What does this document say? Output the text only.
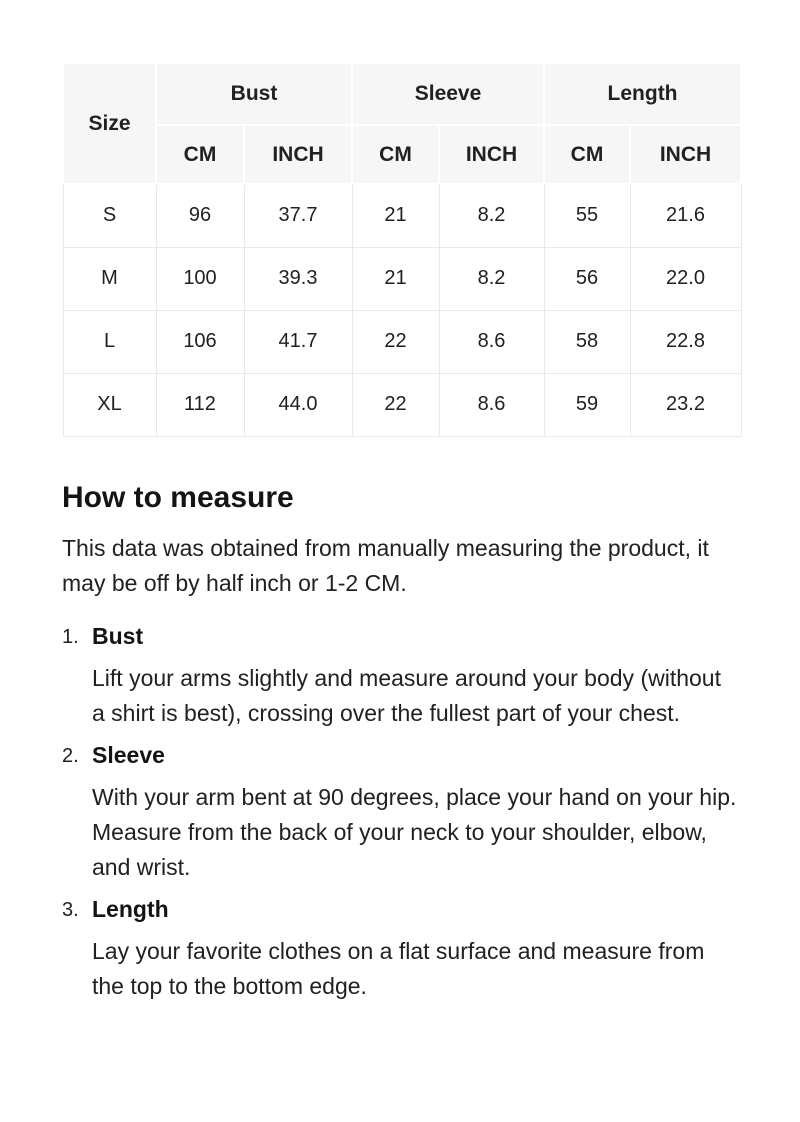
Size	Bust		Sleeve		Length	
	CM	INCH	CM	INCH	CM	INCH
S	96	37.7	21	8.2	55	21.6
M	100	39.3	21	8.2	56	22.0
L	106	41.7	22	8.6	58	22.8
XL	112	44.0	22	8.6	59	23.2
How to measure

This data was obtained from manually measuring the product, it may be off by half inch or 1-2 CM.

1. Bust
Lift your arms slightly and measure around your body (without a shirt is best), crossing over the fullest part of your chest.
2. Sleeve
With your arm bent at 90 degrees, place your hand on your hip. Measure from the back of your neck to your shoulder, elbow, and wrist.
3. Length
Lay your favorite clothes on a flat surface and measure from the top to the bottom edge.
